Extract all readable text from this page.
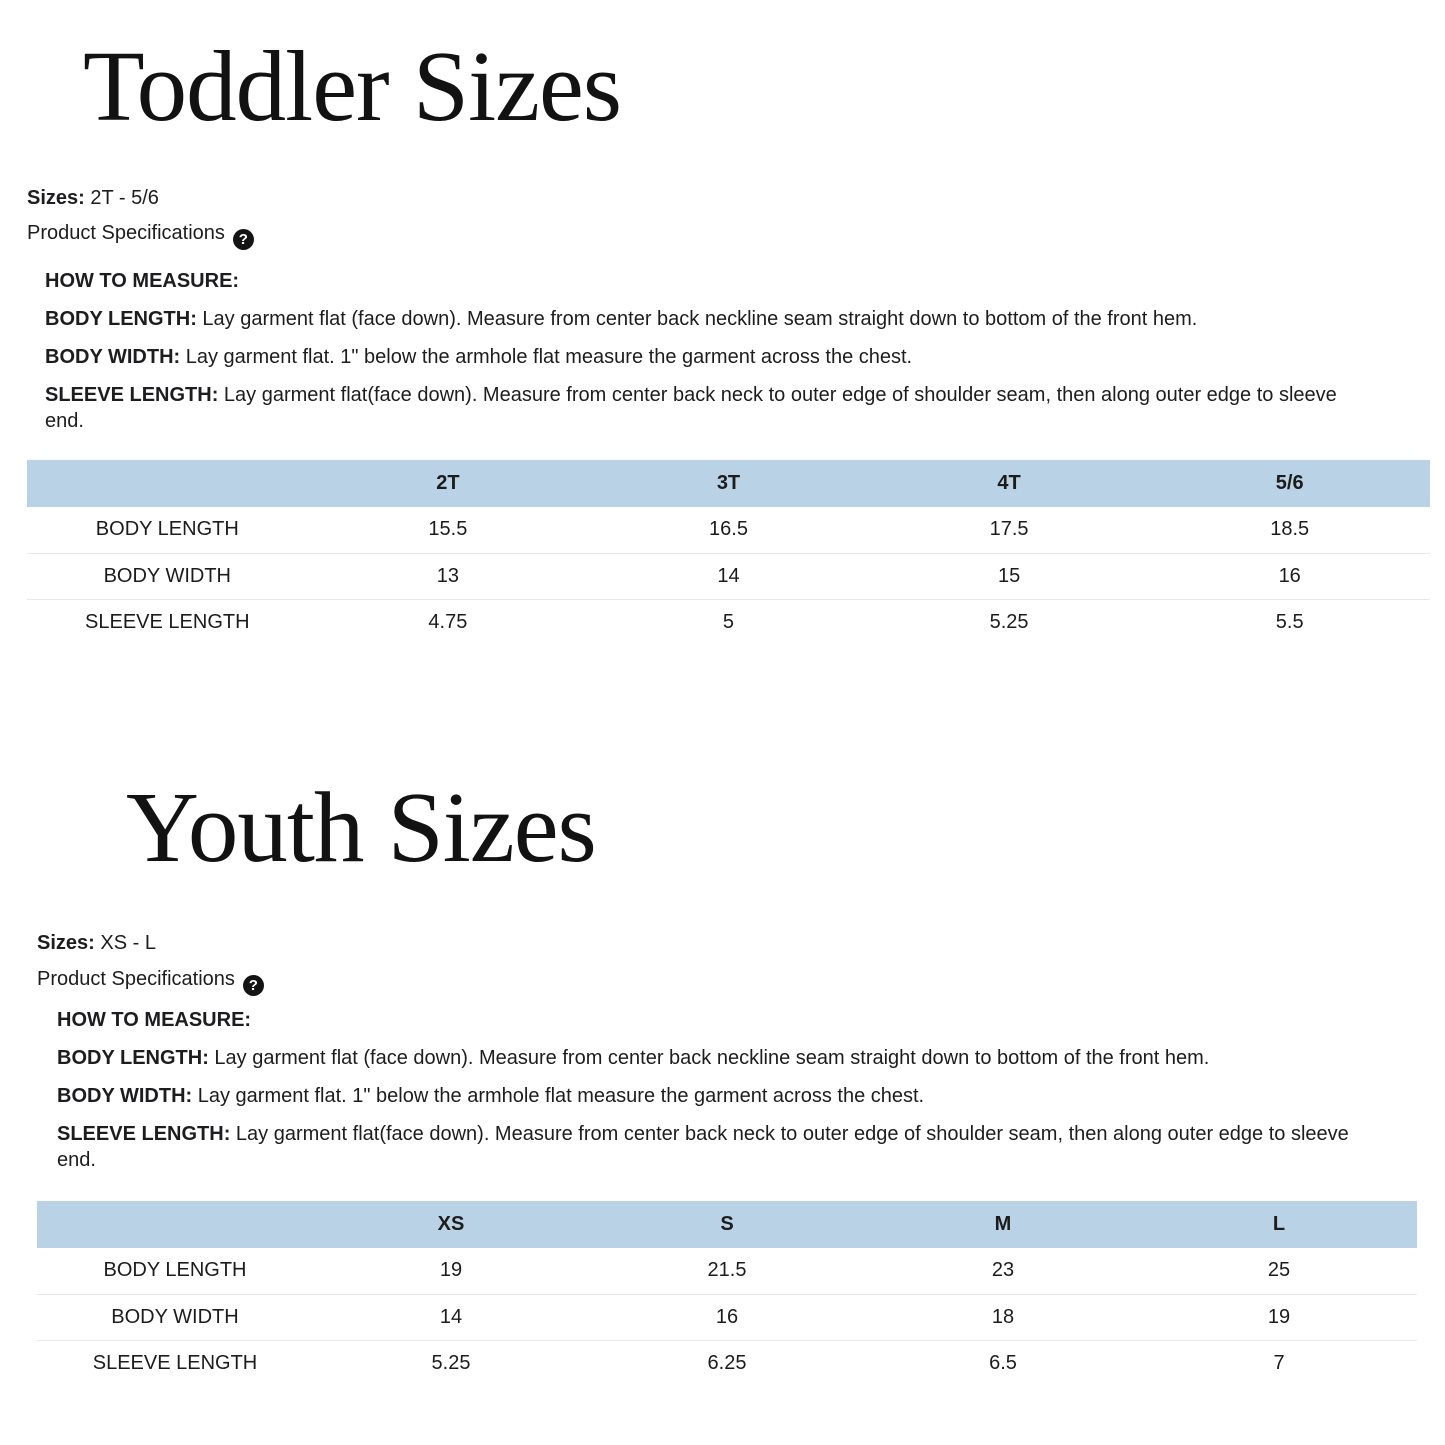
Toddler Sizes
Sizes: 2T - 5/6
Product Specifications ?
HOW TO MEASURE:

BODY LENGTH: Lay garment flat (face down). Measure from center back neckline seam straight down to bottom of the front hem.

BODY WIDTH: Lay garment flat. 1" below the armhole flat measure the garment across the chest.

SLEEVE LENGTH: Lay garment flat(face down). Measure from center back neck to outer edge of shoulder seam, then along outer edge to sleeve end.

	2T	3T	4T	5/6
BODY LENGTH	15.5	16.5	17.5	18.5
BODY WIDTH	13	14	15	16
SLEEVE LENGTH	4.75	5	5.25	5.5
Youth Sizes
Sizes: XS - L
Product Specifications ?
HOW TO MEASURE:

BODY LENGTH: Lay garment flat (face down). Measure from center back neckline seam straight down to bottom of the front hem.

BODY WIDTH: Lay garment flat. 1" below the armhole flat measure the garment across the chest.

SLEEVE LENGTH: Lay garment flat(face down). Measure from center back neck to outer edge of shoulder seam, then along outer edge to sleeve end.

	XS	S	M	L
BODY LENGTH	19	21.5	23	25
BODY WIDTH	14	16	18	19
SLEEVE LENGTH	5.25	6.25	6.5	7
